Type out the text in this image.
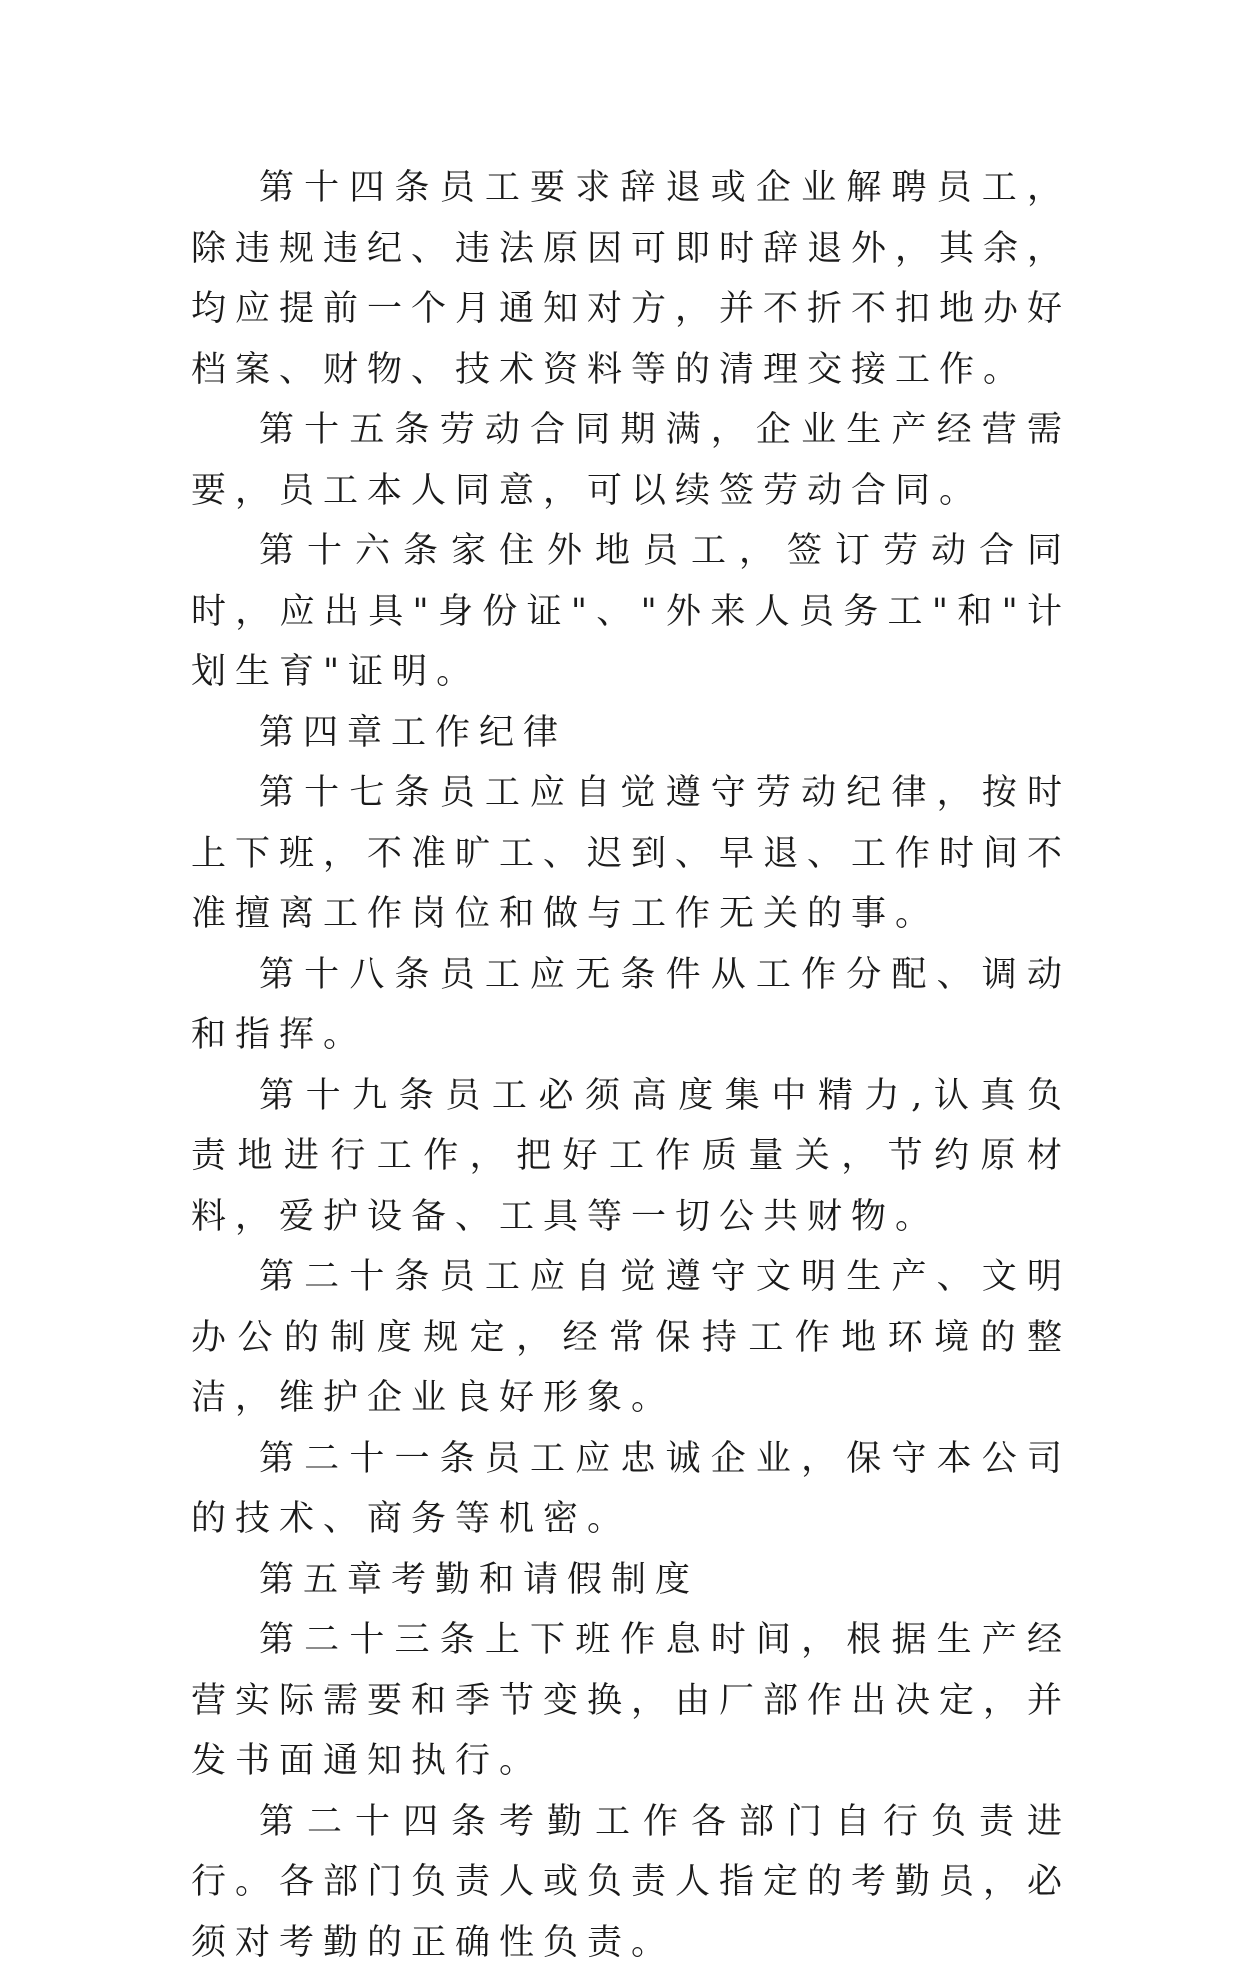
第十四条员工要求辞退或企业解聘员工，除违规违纪、违法原因可即时辞退外，其余，均应提前一个月通知对方，并不折不扣地办好档案、财物、技术资料等的清理交接工作。

第十五条劳动合同期满，企业生产经营需要，员工本人同意，可以续签劳动合同。

第十六条家住外地员工，签订劳动合同时，应出具"身份证"、"外来人员务工"和"计划生育"证明。

第四章工作纪律

第十七条员工应自觉遵守劳动纪律，按时上下班，不准旷工、迟到、早退、工作时间不准擅离工作岗位和做与工作无关的事。

第十八条员工应无条件从工作分配、调动和指挥。

第十九条员工必须高度集中精力,认真负责地进行工作，把好工作质量关，节约原材料，爱护设备、工具等一切公共财物。

第二十条员工应自觉遵守文明生产、文明办公的制度规定，经常保持工作地环境的整洁，维护企业良好形象。

第二十一条员工应忠诚企业，保守本公司的技术、商务等机密。

第五章考勤和请假制度

第二十三条上下班作息时间，根据生产经营实际需要和季节变换，由厂部作出决定，并发书面通知执行。

第二十四条考勤工作各部门自行负责进行。各部门负责人或负责人指定的考勤员，必须对考勤的正确性负责。
